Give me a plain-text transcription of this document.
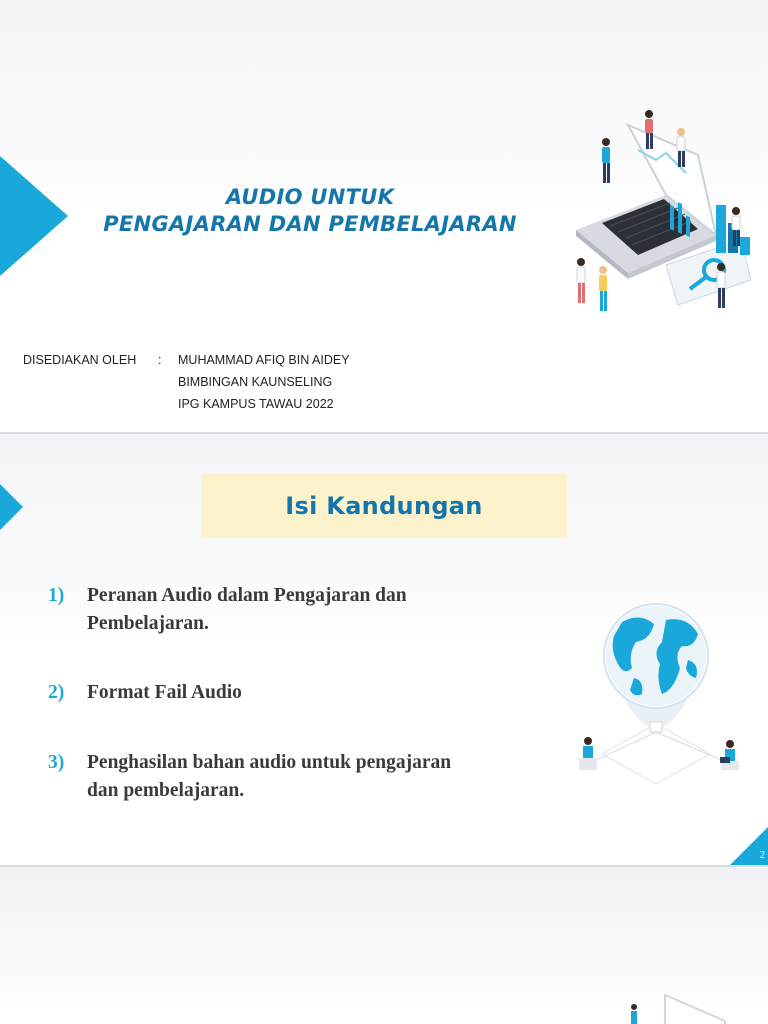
AUDIO UNTUK
PENGAJARAN DAN PEMBELAJARAN
DISEDIAKAN OLEH : MUHAMMAD AFIQ BIN AIDEY
BIMBINGAN KAUNSELING
IPG KAMPUS TAWAU 2022
Isi Kandungan
1) Peranan Audio dalam Pengajaran dan
Pembelajaran.
2) Format Fail Audio
3) Penghasilan bahan audio untuk pengajaran
dan pembelajaran.
2
